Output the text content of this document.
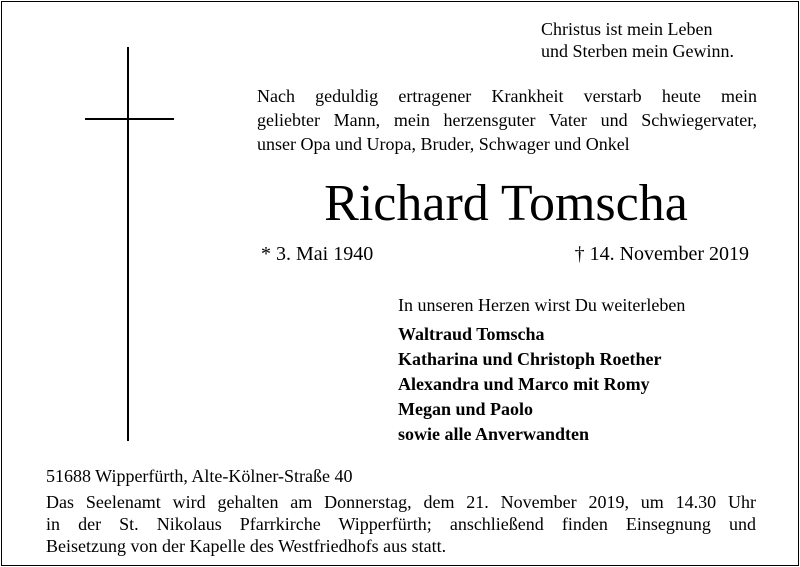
Christus ist mein Leben
und Sterben mein Gewinn.

Nach geduldig ertragener Krankheit verstarb heute mein
geliebter Mann, mein herzensguter Vater und Schwiegervater,
unser Opa und Uropa, Bruder, Schwager und Onkel

Richard Tomscha

* 3. Mai 1940	† 14. November 2019

In unseren Herzen wirst Du weiterleben

Waltraud Tomscha
Katharina und Christoph Roether
Alexandra und Marco mit Romy
Megan und Paolo
sowie alle Anverwandten

51688 Wipperfürth, Alte-Kölner-Straße 40

Das Seelenamt wird gehalten am Donnerstag, dem 21. November 2019, um 14.30 Uhr
in der St. Nikolaus Pfarrkirche Wipperfürth; anschließend finden Einsegnung und
Beisetzung von der Kapelle des Westfriedhofs aus statt.
